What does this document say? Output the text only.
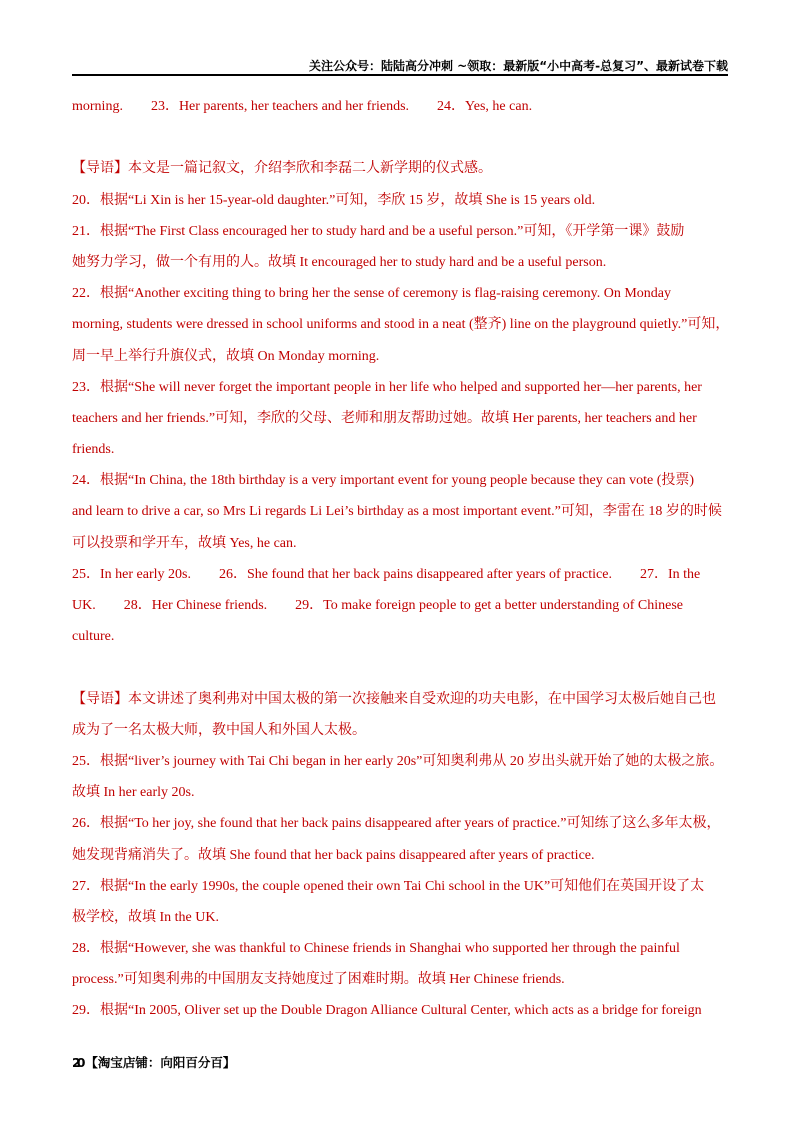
关注公众号：陆陆高分冲刺 ~领取：最新版“小中高考-总复习”、最新试卷下载
morning.        23．Her parents, her teachers and her friends.        24．Yes, he can.
【导语】本文是一篇记叙文，介绍李欣和李磊二人新学期的仪式感。
20．根据“Li Xin is her 15-year-old daughter.”可知，李欣 15 岁，故填 She is 15 years old.
21．根据“The First Class encouraged her to study hard and be a useful person.”可知，《开学第一课》鼓励
她努力学习，做一个有用的人。故填 It encouraged her to study hard and be a useful person.
22．根据“Another exciting thing to bring her the sense of ceremony is flag-raising ceremony. On Monday
morning, students were dressed in school uniforms and stood in a neat (整齐) line on the playground quietly.”可知，
周一早上举行升旗仪式，故填 On Monday morning.
23．根据“She will never forget the important people in her life who helped and supported her—her parents, her
teachers and her friends.”可知，李欣的父母、老师和朋友帮助过她。故填 Her parents, her teachers and her
friends.
24．根据“In China, the 18th birthday is a very important event for young people because they can vote (投票)
and learn to drive a car, so Mrs Li regards Li Lei’s birthday as a most important event.”可知，李雷在 18 岁的时候
可以投票和学开车，故填 Yes, he can.
25．In her early 20s.        26．She found that her back pains disappeared after years of practice.        27．In the
UK.        28．Her Chinese friends.        29．To make foreign people to get a better understanding of Chinese
culture.
【导语】本文讲述了奥利弗对中国太极的第一次接触来自受欢迎的功夫电影，在中国学习太极后她自己也
成为了一名太极大师，教中国人和外国人太极。
25．根据“liver’s journey with Tai Chi began in her early 20s”可知奥利弗从 20 岁出头就开始了她的太极之旅。
故填 In her early 20s.
26．根据“To her joy, she found that her back pains disappeared after years of practice.”可知练了这么多年太极，
她发现背痛消失了。故填 She found that her back pains disappeared after years of practice.
27．根据“In the early 1990s, the couple opened their own Tai Chi school in the UK”可知他们在英国开设了太
极学校，故填 In the UK.
28．根据“However, she was thankful to Chinese friends in Shanghai who supported her through the painful
process.”可知奥利弗的中国朋友支持她度过了困难时期。故填 Her Chinese friends.
29．根据“In 2005, Oliver set up the Double Dragon Alliance Cultural Center, which acts as a bridge for foreign
20 【淘宝店铺：向阳百分百】
